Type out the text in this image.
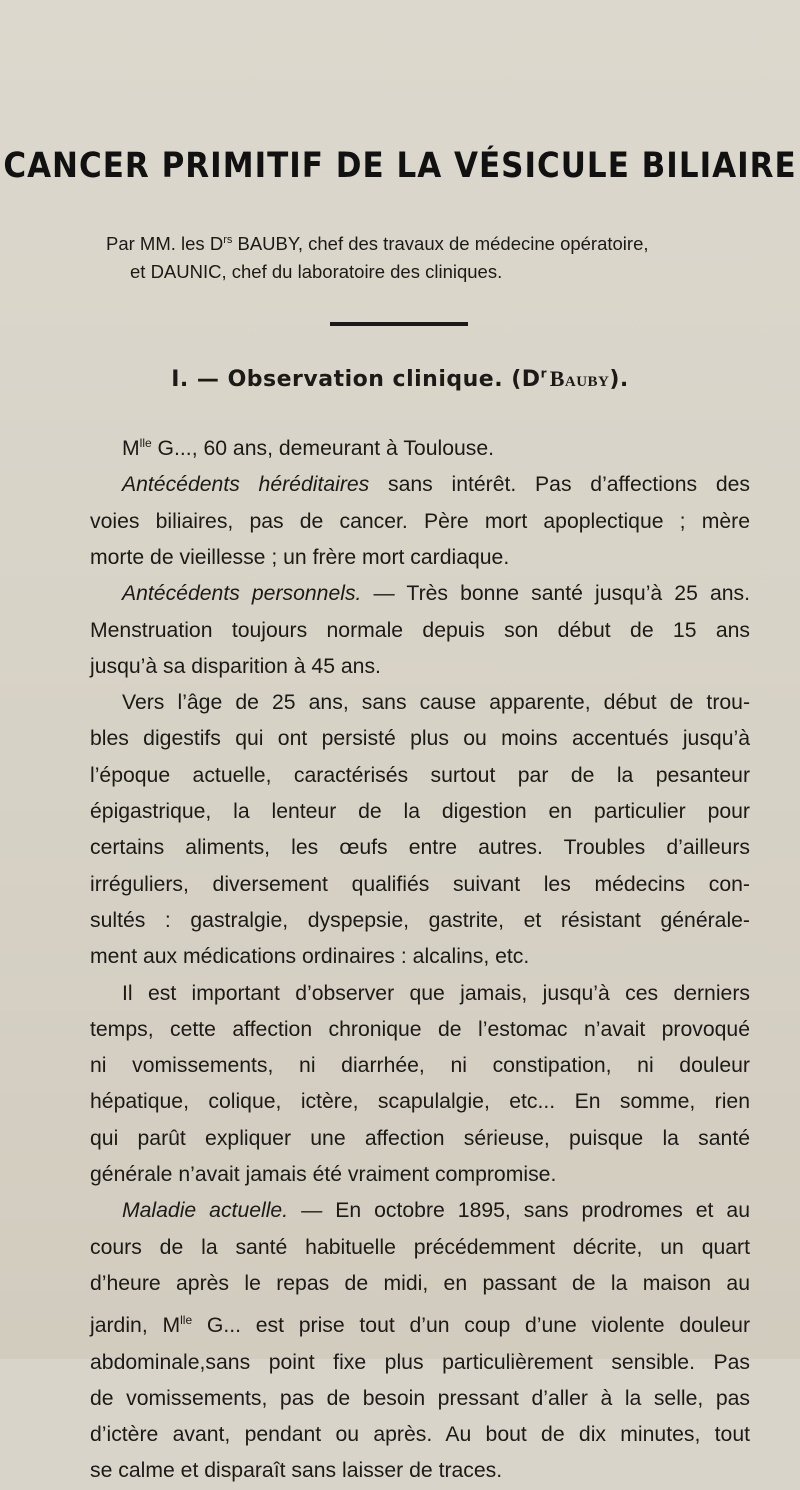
CANCER PRIMITIF DE LA VÉSICULE BILIAIRE
Par MM. les $D^{rs}$ BAUBY, chef des travaux de médecine opératoire,
et DAUNIC, chef du laboratoire des cliniques.
I. — Observation clinique. ($D^r$  Bauby).
$M^{lle}$ G..., 60 ans, demeurant à Toulouse.
Antécédents héréditaires sans intérêt. Pas d’affections des
voies biliaires, pas de cancer. Père mort apoplectique ; mère
morte de vieillesse ; un frère mort cardiaque.
Antécédents personnels. — Très bonne santé jusqu’à 25 ans.
Menstruation toujours normale depuis son début de 15 ans
jusqu’à sa disparition à 45 ans.
Vers l’âge de 25 ans, sans cause apparente, début de trou-
bles digestifs qui ont persisté plus ou moins accentués jusqu’à
l’époque actuelle, caractérisés surtout par de la pesanteur
épigastrique, la lenteur de la digestion en particulier pour
certains aliments, les œufs entre autres. Troubles d’ailleurs
irréguliers, diversement qualifiés suivant les médecins con-
sultés : gastralgie, dyspepsie, gastrite, et résistant générale-
ment aux médications ordinaires : alcalins, etc.
Il est important d’observer que jamais, jusqu’à ces derniers
temps, cette affection chronique de l’estomac n’avait provoqué
ni vomissements, ni diarrhée, ni constipation, ni douleur
hépatique, colique, ictère, scapulalgie, etc... En somme, rien
qui parût expliquer une affection sérieuse, puisque la santé
générale n’avait jamais été vraiment compromise.
Maladie actuelle. — En octobre 1895, sans prodromes et au
cours de la santé habituelle précédemment décrite, un quart
d’heure après le repas de midi, en passant de la maison au
jardin, $M^{lle}$ G... est prise tout d’un coup d’une violente douleur
abdominale,sans point fixe plus particulièrement sensible. Pas
de vomissements, pas de besoin pressant d’aller à la selle, pas
d’ictère avant, pendant ou après. Au bout de dix minutes, tout
se calme et disparaît sans laisser de traces.
